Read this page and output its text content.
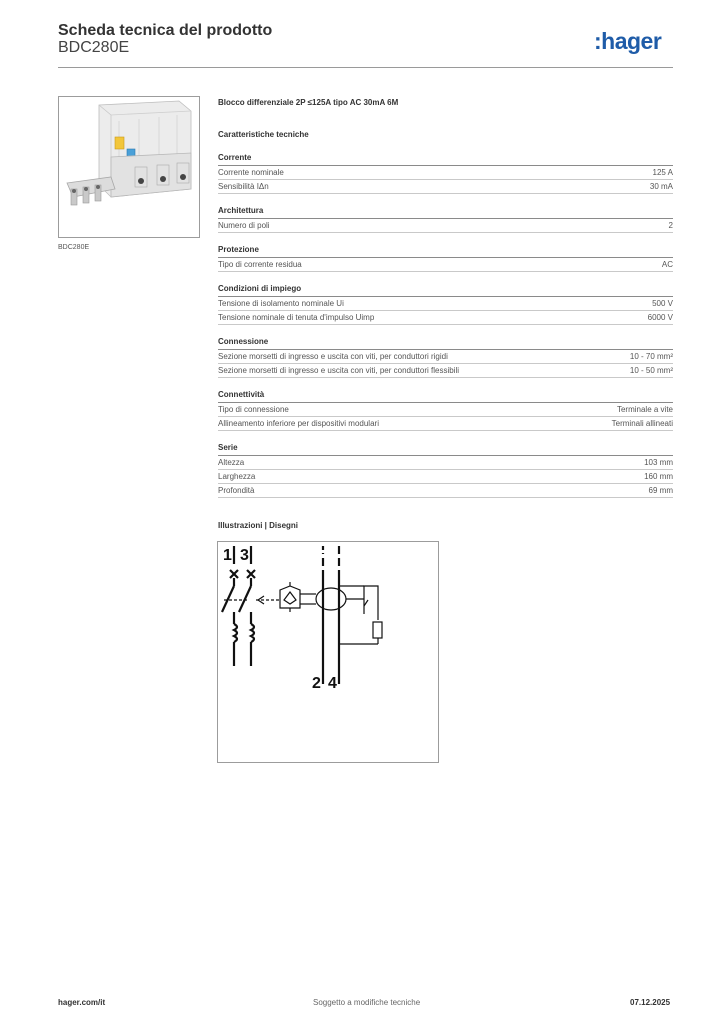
Scheda tecnica del prodotto
BDC280E	:hager
BDC280E
Blocco differenziale 2P ≤125A tipo AC 30mA 6M
Caratteristiche tecniche
Corrente
Corrente nominale	125 A
Sensibilità IΔn	30 mA
Architettura
Numero di poli	2
Protezione
Tipo di corrente residua	AC
Condizioni di impiego
Tensione di isolamento nominale Ui	500 V
Tensione nominale di tenuta d'impulso Uimp	6000 V
Connessione
Sezione morsetti di ingresso e uscita con viti, per conduttori rigidi	10 - 70 mm²
Sezione morsetti di ingresso e uscita con viti, per conduttori flessibili	10 - 50 mm²
Connettività
Tipo di connessione	Terminale a vite
Allineamento inferiore per dispositivi modulari	Terminali allineati
Serie
Altezza	103 mm
Larghezza	160 mm
Profondità	69 mm
Illustrazioni | Disegni
1 3
2 4
hager.com/it	Soggetto a modifiche tecniche	07.12.2025
